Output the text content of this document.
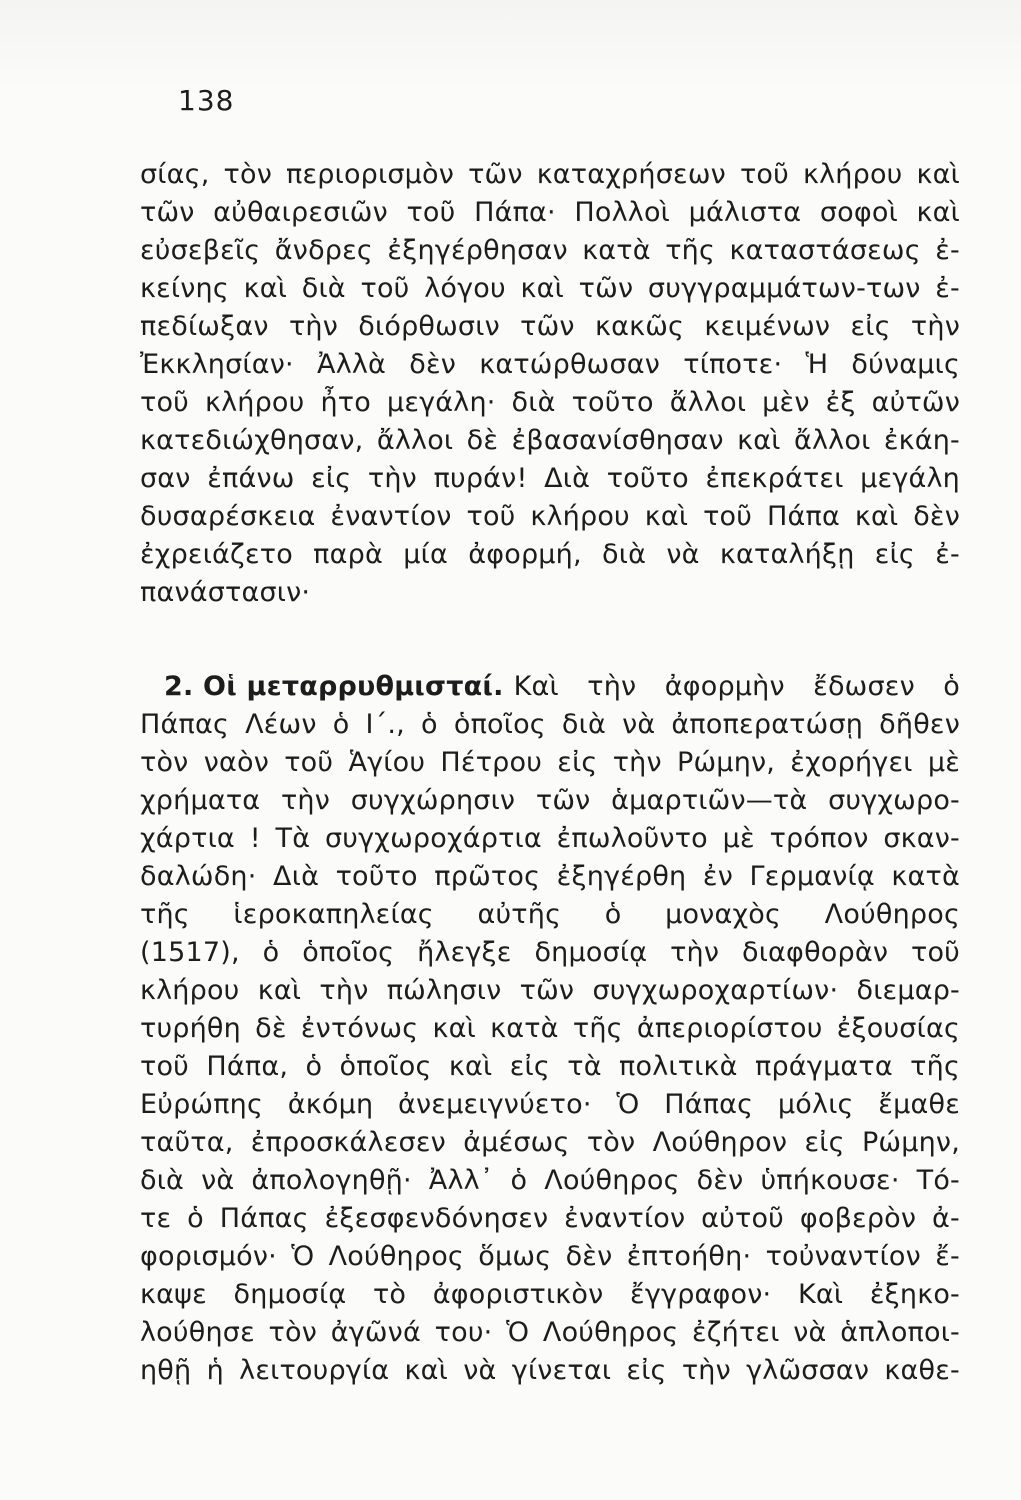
138
σίας, τὸν περιορισμὸν τῶν καταχρήσεων τοῦ κλήρου καὶ
τῶν αὐθαιρεσιῶν τοῦ Πάπα· Πολλοὶ μάλιστα σοφοὶ καὶ
εὐσεβεῖς ἄνδρες ἐξηγέρθησαν κατὰ τῆς καταστάσεως ἐ-
κείνης καὶ διὰ τοῦ λόγου καὶ τῶν συγγραμμάτων-των ἐ-
πεδίωξαν τὴν διόρθωσιν τῶν κακῶς κειμένων εἰς τὴν
Ἐκκλησίαν· Ἀλλὰ δὲν κατώρθωσαν τίποτε· Ἡ δύναμις
τοῦ κλήρου ἦτο μεγάλη· διὰ τοῦτο ἄλλοι μὲν ἐξ αὐτῶν
κατεδιώχθησαν, ἄλλοι δὲ ἐβασανίσθησαν καὶ ἄλλοι ἐκάη-
σαν ἐπάνω εἰς τὴν πυράν! Διὰ τοῦτο ἐπεκράτει μεγάλη
δυσαρέσκεια ἐναντίον τοῦ κλήρου καὶ τοῦ Πάπα καὶ δὲν
ἐχρειάζετο παρὰ μία ἀφορμή, διὰ νὰ καταλήξῃ εἰς ἐ-
πανάστασιν·
2. Οἱ μεταρρυθμισταί. Καὶ τὴν ἀφορμὴν ἔδωσεν ὁ
Πάπας Λέων ὁ Ι΄., ὁ ὁποῖος διὰ νὰ ἀποπερατώσῃ δῆθεν
τὸν ναὸν τοῦ Ἁγίου Πέτρου εἰς τὴν Ρώμην, ἐχορήγει μὲ
χρήματα τὴν συγχώρησιν τῶν ἁμαρτιῶν—τὰ συγχωρο-
χάρτια ! Τὰ συγχωροχάρτια ἐπωλοῦντο μὲ τρόπον σκαν-
δαλώδη· Διὰ τοῦτο πρῶτος ἐξηγέρθη ἐν Γερμανίᾳ κατὰ
τῆς ἱεροκαπηλείας αὐτῆς ὁ μοναχὸς Λούθηρος
(1517), ὁ ὁποῖος ἤλεγξε δημοσίᾳ τὴν διαφθορὰν τοῦ
κλήρου καὶ τὴν πώλησιν τῶν συγχωροχαρτίων· διεμαρ-
τυρήθη δὲ ἐντόνως καὶ κατὰ τῆς ἀπεριορίστου ἐξουσίας
τοῦ Πάπα, ὁ ὁποῖος καὶ εἰς τὰ πολιτικὰ πράγματα τῆς
Εὐρώπης ἀκόμη ἀνεμειγνύετο· Ὁ Πάπας μόλις ἔμαθε
ταῦτα, ἐπροσκάλεσεν ἀμέσως τὸν Λούθηρον εἰς Ρώμην,
διὰ νὰ ἀπολογηθῇ· Ἀλλ᾽ ὁ Λούθηρος δὲν ὑπήκουσε· Τό-
τε ὁ Πάπας ἐξεσφενδόνησεν ἐναντίον αὐτοῦ φοβερὸν ἀ-
φορισμόν· Ὁ Λούθηρος ὅμως δὲν ἐπτοήθη· τοὐναντίον ἔ-
καψε δημοσίᾳ τὸ ἀφοριστικὸν ἔγγραφον· Καὶ ἐξηκο-
λούθησε τὸν ἀγῶνά του· Ὁ Λούθηρος ἐζήτει νὰ ἁπλοποι-
ηθῇ ἡ λειτουργία καὶ νὰ γίνεται εἰς τὴν γλῶσσαν καθε-
